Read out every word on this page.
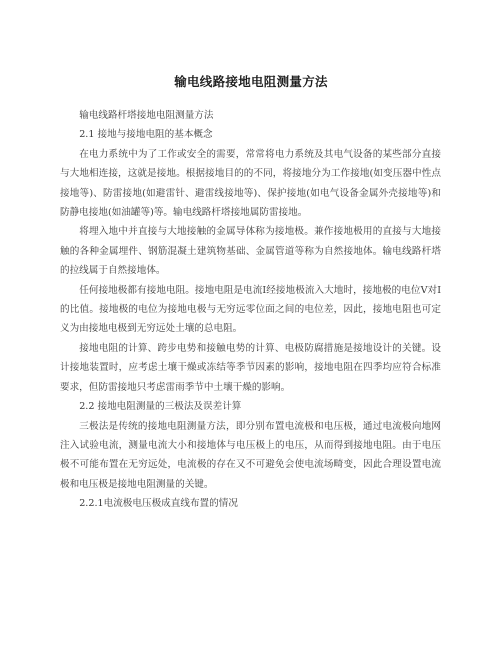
输电线路接地电阻测量方法

输电线路杆塔接地电阻测量方法

2.1 接地与接地电阻的基本概念

在电力系统中为了工作或安全的需要，常常将电力系统及其电气设备的某些部分直接与大地相连接，这就是接地。根据接地目的的不同，将接地分为工作接地(如变压器中性点接地等)、防雷接地(如避雷针、避雷线接地等)、保护接地(如电气设备金属外壳接地等)和防静电接地(如油罐等)等。输电线路杆塔接地属防雷接地。

将埋入地中并直接与大地接触的金属导体称为接地极。兼作接地极用的直接与大地接触的各种金属埋件、钢筋混凝土建筑物基础、金属管道等称为自然接地体。输电线路杆塔的拉线属于自然接地体。

任何接地极都有接地电阻。接地电阻是电流I经接地极流入大地时，接地极的电位V对I的比值。接地极的电位为接地电极与无穷远零位面之间的电位差，因此，接地电阻也可定义为由接地电极到无穷远处土壤的总电阻。

接地电阻的计算、跨步电势和接触电势的计算、电极防腐措施是接地设计的关键。设计接地装置时，应考虑土壤干燥或冻结等季节因素的影响，接地电阻在四季均应符合标准要求，但防雷接地只考虑雷雨季节中土壤干燥的影响。

2.2 接地电阻测量的三极法及误差计算

三极法是传统的接地电阻测量方法，即分别布置电流极和电压极，通过电流极向地网注入试验电流，测量电流大小和接地体与电压极上的电压，从而得到接地电阻。由于电压极不可能布置在无穷远处，电流极的存在又不可避免会使电流场畸变，因此合理设置电流极和电压极是接地电阻测量的关键。

2.2.1电流极电压极成直线布置的情况
